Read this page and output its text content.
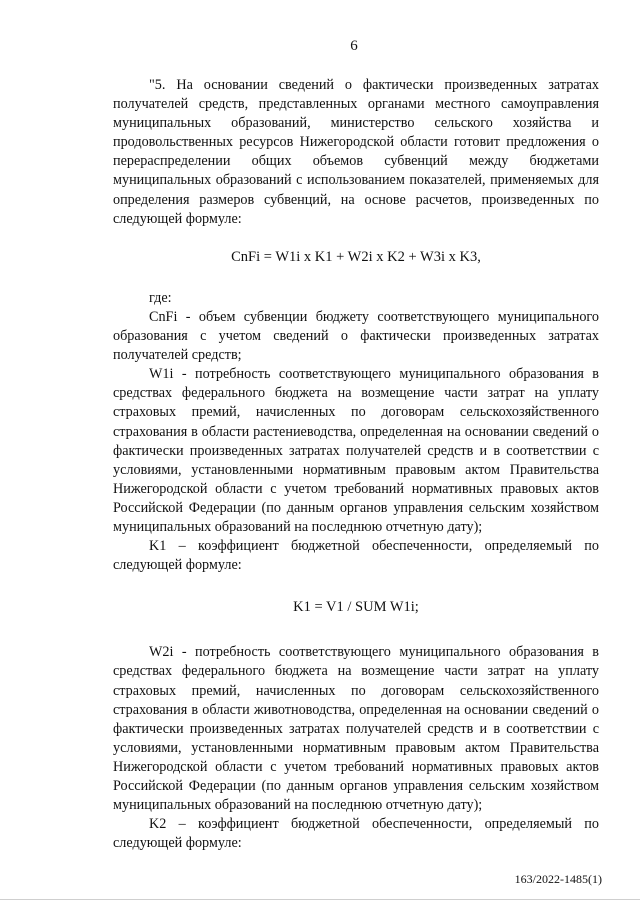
6

"5. На основании сведений о фактически произведенных затратах получателей средств, представленных органами местного самоуправления муниципальных образований, министерство сельского хозяйства и продовольственных ресурсов Нижегородской области готовит предложения о перераспределении общих объемов субвенций между бюджетами муниципальных образований с использованием показателей, применяемых для определения размеров субвенций, на основе расчетов, произведенных по следующей формуле:

CnFi = W1i x K1 + W2i x K2 + W3i x K3,

где:

CnFi - объем субвенции бюджету соответствующего муниципального образования с учетом сведений о фактически произведенных затратах получателей средств;

W1i - потребность соответствующего муниципального образования в средствах федерального бюджета на возмещение части затрат на уплату страховых премий, начисленных по договорам сельскохозяйственного страхования в области растениеводства, определенная на основании сведений о фактически произведенных затратах получателей средств и в соответствии с условиями, установленными нормативным правовым актом Правительства Нижегородской области с учетом требований нормативных правовых актов Российской Федерации (по данным органов управления сельским хозяйством муниципальных образований на последнюю отчетную дату);

K1 – коэффициент бюджетной обеспеченности, определяемый по следующей формуле:

K1 = V1 / SUM W1i;

W2i - потребность соответствующего муниципального образования в средствах федерального бюджета на возмещение части затрат на уплату страховых премий, начисленных по договорам сельскохозяйственного страхования в области животноводства, определенная на основании сведений о фактически произведенных затратах получателей средств и в соответствии с условиями, установленными нормативным правовым актом Правительства Нижегородской области с учетом требований нормативных правовых актов Российской Федерации (по данным органов управления сельским хозяйством муниципальных образований на последнюю отчетную дату);

K2 – коэффициент бюджетной обеспеченности, определяемый по следующей формуле:

163/2022-1485(1)
